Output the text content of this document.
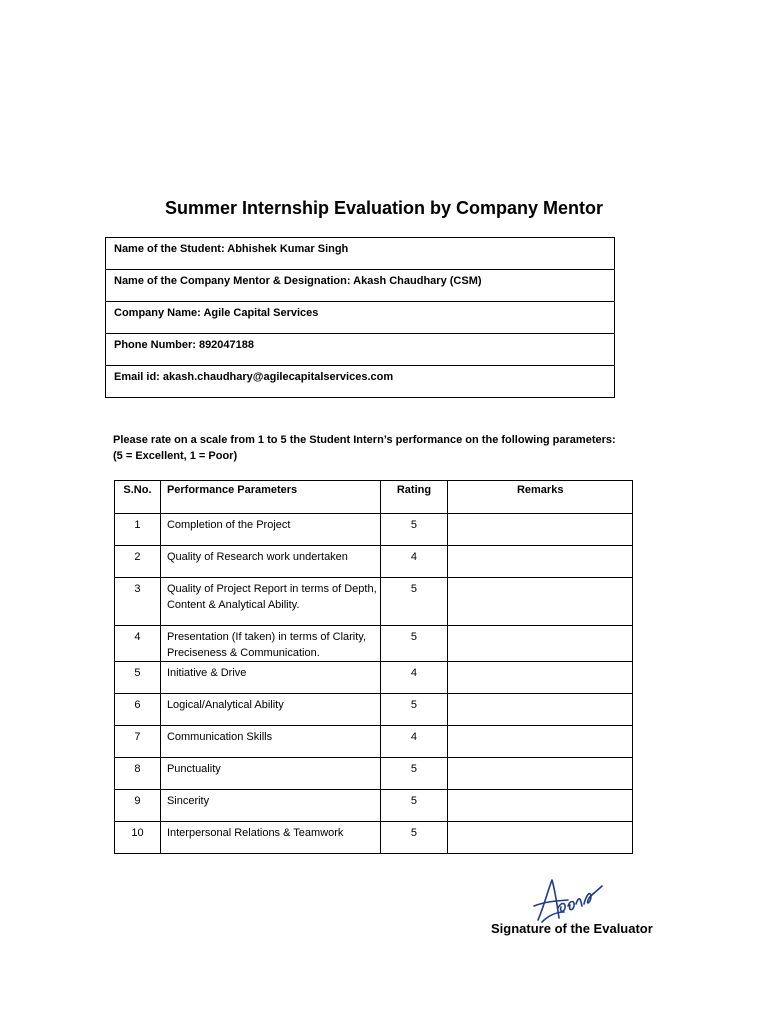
Summer Internship Evaluation by Company Mentor
Name of the Student: Abhishek Kumar Singh
Name of the Company Mentor & Designation: Akash Chaudhary (CSM)
Company Name: Agile Capital Services
Phone Number: 892047188
Email id: akash.chaudhary@agilecapitalservices.com
Please rate on a scale from 1 to 5 the Student Intern’s performance on the following parameters:
(5 = Excellent, 1 = Poor)
S.No.	Performance Parameters	Rating	Remarks
1	Completion of the Project	5	
2	Quality of Research work undertaken	4	
3	Quality of Project Report in terms of Depth, Content & Analytical Ability.	5	
4	Presentation (If taken) in terms of Clarity, Preciseness & Communication.	5	
5	Initiative & Drive	4	
6	Logical/Analytical Ability	5	
7	Communication Skills	4	
8	Punctuality	5	
9	Sincerity	5	
10	Interpersonal Relations & Teamwork	5	
Signature of the Evaluator
